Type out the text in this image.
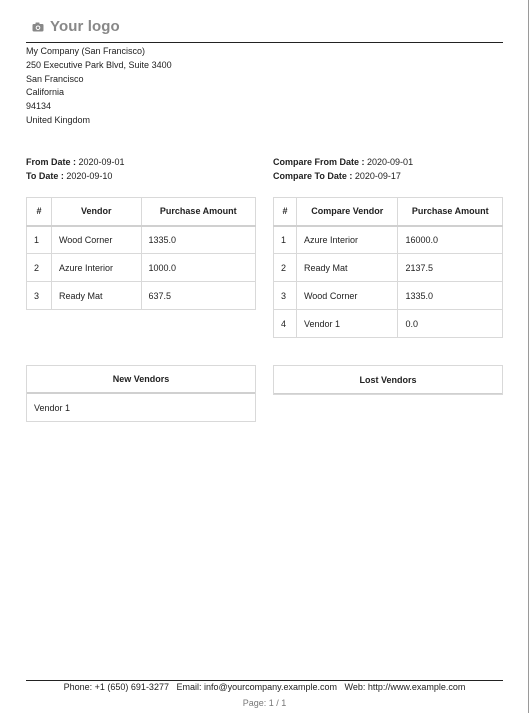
Your logo
My Company (San Francisco)
250 Executive Park Blvd, Suite 3400
San Francisco
California
94134
United Kingdom
From Date : 2020-09-01
To Date : 2020-09-10
Compare From Date : 2020-09-01
Compare To Date : 2020-09-17
#	Vendor	Purchase Amount
1	Wood Corner	1335.0
2	Azure Interior	1000.0
3	Ready Mat	637.5
#	Compare Vendor	Purchase Amount
1	Azure Interior	16000.0
2	Ready Mat	2137.5
3	Wood Corner	1335.0
4	Vendor 1	0.0
New Vendors
Vendor 1
Lost Vendors
Phone: +1 (650) 691-3277   Email: info@yourcompany.example.com   Web: http://www.example.com
Page: 1 / 1
